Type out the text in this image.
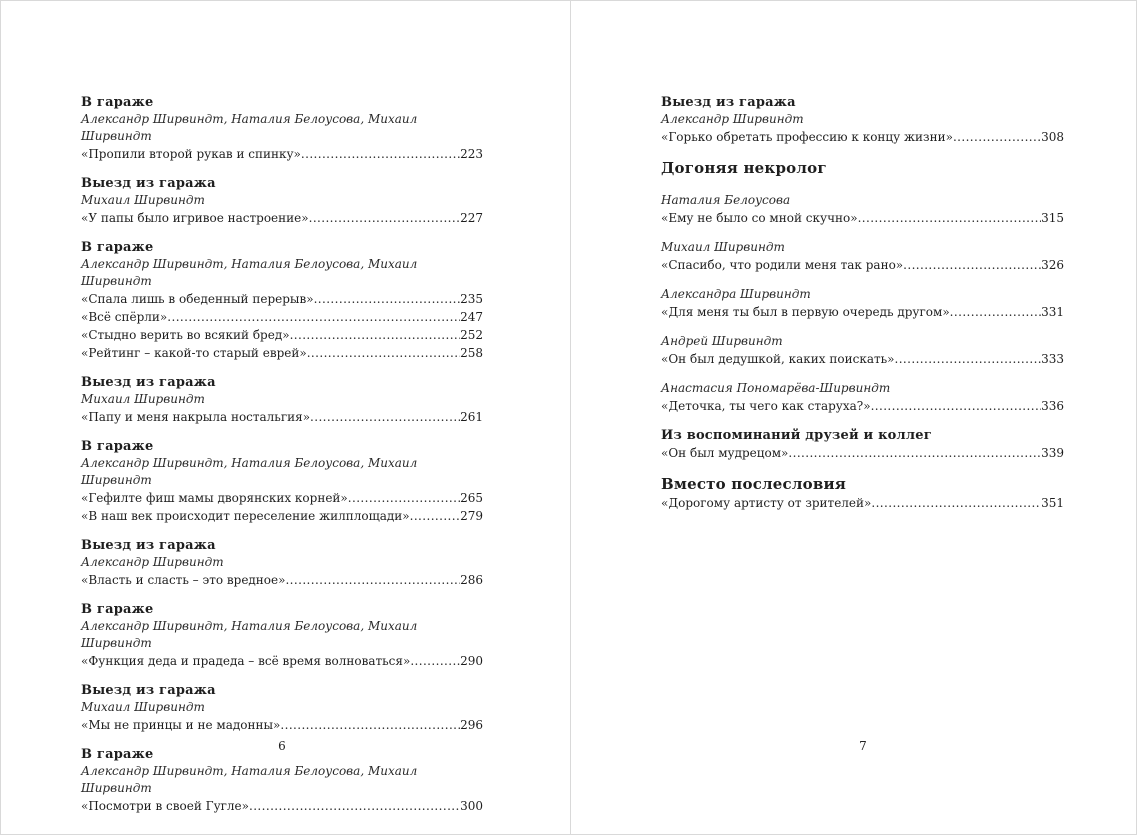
В гараже
Александр Ширвиндт, Наталия Белоусова, Михаил Ширвиндт
«Пропили второй рукав и спинку» .....	223
Выезд из гаража
Михаил Ширвиндт
«У папы было игривое настроение» .....	227
В гараже
Александр Ширвиндт, Наталия Белоусова, Михаил Ширвиндт
«Спала лишь в обеденный перерыв» .....	235
«Всё спёрли» .....	247
«Стыдно верить во всякий бред» .....	252
«Рейтинг – какой-то старый еврей» .....	258
Выезд из гаража
Михаил Ширвиндт
«Папу и меня накрыла ностальгия» .....	261
В гараже
Александр Ширвиндт, Наталия Белоусова, Михаил Ширвиндт
«Гефилте фиш мамы дворянских корней» .....	265
«В наш век происходит переселение жилплощади» .....	279
Выезд из гаража
Александр Ширвиндт
«Власть и сласть – это вредное» .....	286
В гараже
Александр Ширвиндт, Наталия Белоусова, Михаил Ширвиндт
«Функция деда и прадеда – всё время волноваться» .....	290
Выезд из гаража
Михаил Ширвиндт
«Мы не принцы и не мадонны» .....	296
В гараже
Александр Ширвиндт, Наталия Белоусова, Михаил Ширвиндт
«Посмотри в своей Гугле» .....	300
6
Выезд из гаража
Александр Ширвиндт
«Горько обретать профессию к концу жизни» .....	308
Догоняя некролог
Наталия Белоусова
«Ему не было со мной скучно» .....	315
Михаил Ширвиндт
«Спасибо, что родили меня так рано» .....	326
Александра Ширвиндт
«Для меня ты был в первую очередь другом» .....	331
Андрей Ширвиндт
«Он был дедушкой, каких поискать» .....	333
Анастасия Пономарёва-Ширвиндт
«Деточка, ты чего как старуха?» .....	336
Из воспоминаний друзей и коллег
«Он был мудрецом» .....	339
Вместо послесловия
«Дорогому артисту от зрителей» .....	351
7
